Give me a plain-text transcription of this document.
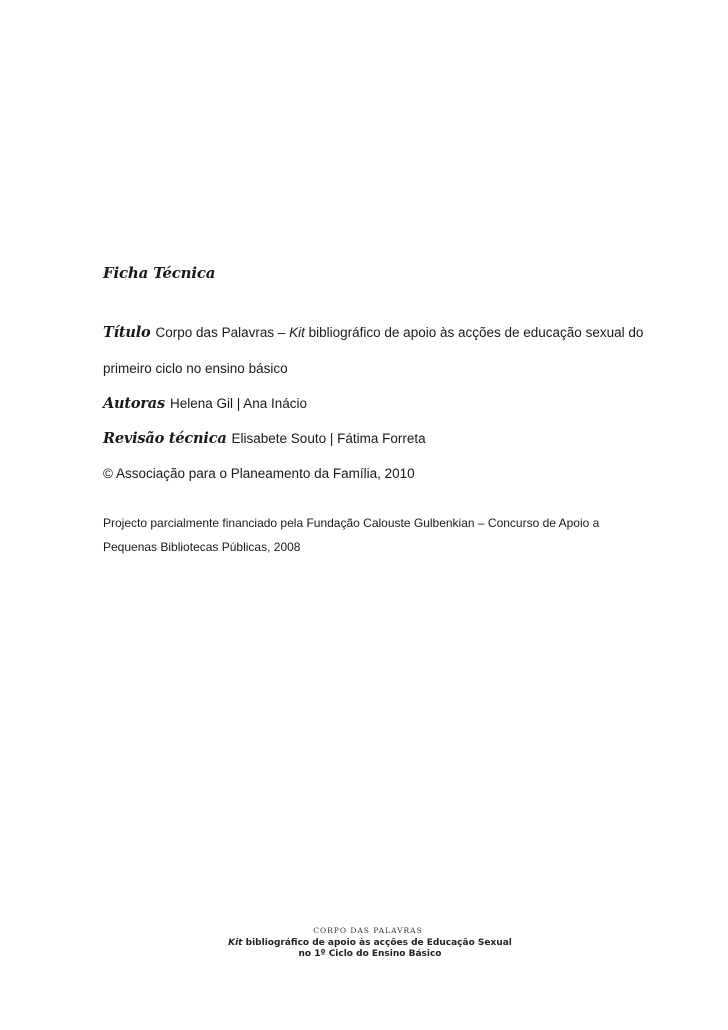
Ficha Técnica
Título Corpo das Palavras – Kit bibliográfico de apoio às acções de educação sexual do
primeiro ciclo no ensino básico
Autoras Helena Gil | Ana Inácio
Revisão técnica Elisabete Souto | Fátima Forreta
© Associação para o Planeamento da Família, 2010
Projecto parcialmente financiado pela Fundação Calouste Gulbenkian – Concurso de Apoio a
Pequenas Bibliotecas Públicas, 2008
CORPO DAS PALAVRAS
Kit bibliográfico de apoio às acções de Educação Sexual
no 1º Ciclo do Ensino Básico
